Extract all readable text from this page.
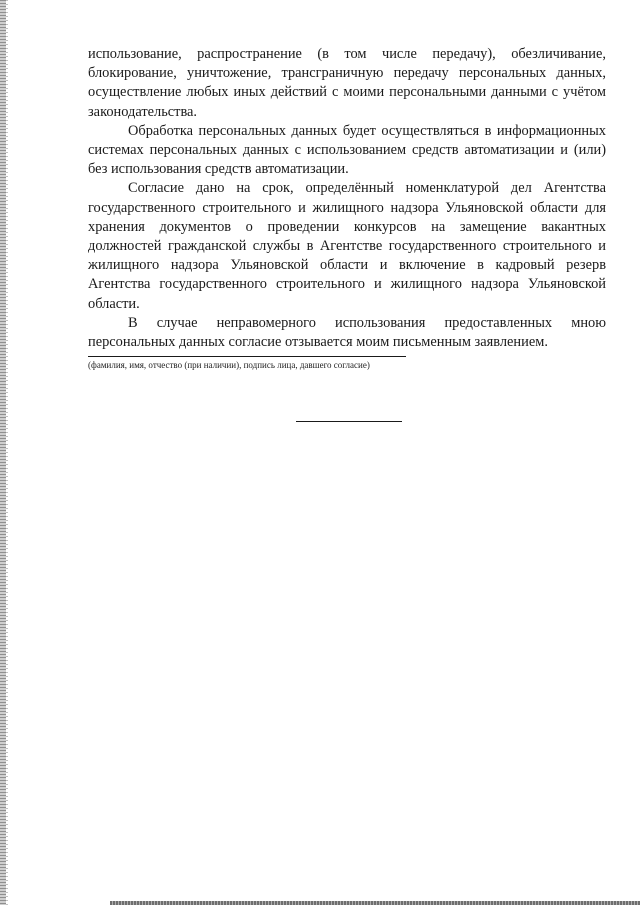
использование, распространение (в том числе передачу), обезличивание, блокирование, уничтожение, трансграничную передачу персональных данных, осуществление любых иных действий с моими персональными данными с учётом законодательства.

Обработка персональных данных будет осуществляться в информационных системах персональных данных с использованием средств автоматизации и (или) без использования средств автоматизации.

Согласие дано на срок, определённый номенклатурой дел Агентства государственного строительного и жилищного надзора Ульяновской области для хранения документов о проведении конкурсов на замещение вакантных должностей гражданской службы в Агентстве государственного строительного и жилищного надзора Ульяновской области и включение в кадровый резерв Агентства государственного строительного и жилищного надзора Ульяновской области.

В случае неправомерного использования предоставленных мною персональных данных согласие отзывается моим письменным заявлением.

(фамилия, имя, отчество (при наличии), подпись лица, давшего согласие)
